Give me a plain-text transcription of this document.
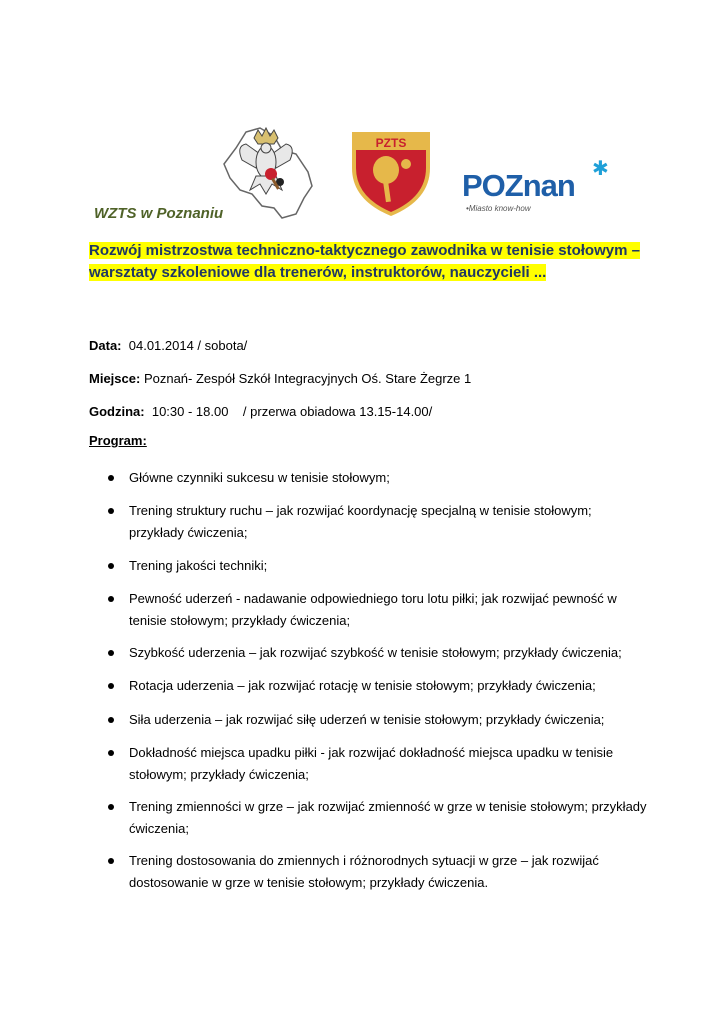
PZTS
POZnan ✱
•Miasto know-how
WZTS w Poznaniu
Rozwój mistrzostwa techniczno-taktycznego zawodnika w tenisie stołowym –
warsztaty szkoleniowe dla trenerów, instruktorów, nauczycieli ...
Data: 04.01.2014 / sobota/
Miejsce: Poznań- Zespół Szkół Integracyjnych Oś. Stare Żegrze 1
Godzina: 10:30 - 18.00    / przerwa obiadowa 13.15-14.00/
Program:
Główne czynniki sukcesu w tenisie stołowym;
Trening struktury ruchu – jak rozwijać koordynację specjalną w tenisie stołowym; przykłady ćwiczenia;
Trening jakości techniki;
Pewność uderzeń - nadawanie odpowiedniego toru lotu piłki; jak rozwijać pewność w tenisie stołowym; przykłady ćwiczenia;
Szybkość uderzenia – jak rozwijać szybkość w tenisie stołowym; przykłady ćwiczenia;
Rotacja uderzenia – jak rozwijać rotację w tenisie stołowym; przykłady ćwiczenia;
Siła uderzenia – jak rozwijać siłę uderzeń w tenisie stołowym; przykłady ćwiczenia;
Dokładność miejsca upadku piłki - jak rozwijać dokładność miejsca upadku w tenisie stołowym; przykłady ćwiczenia;
Trening zmienności w grze – jak rozwijać zmienność w grze w tenisie stołowym; przykłady ćwiczenia;
Trening dostosowania do zmiennych i różnorodnych sytuacji w grze – jak rozwijać dostosowanie w grze w tenisie stołowym; przykłady ćwiczenia.
